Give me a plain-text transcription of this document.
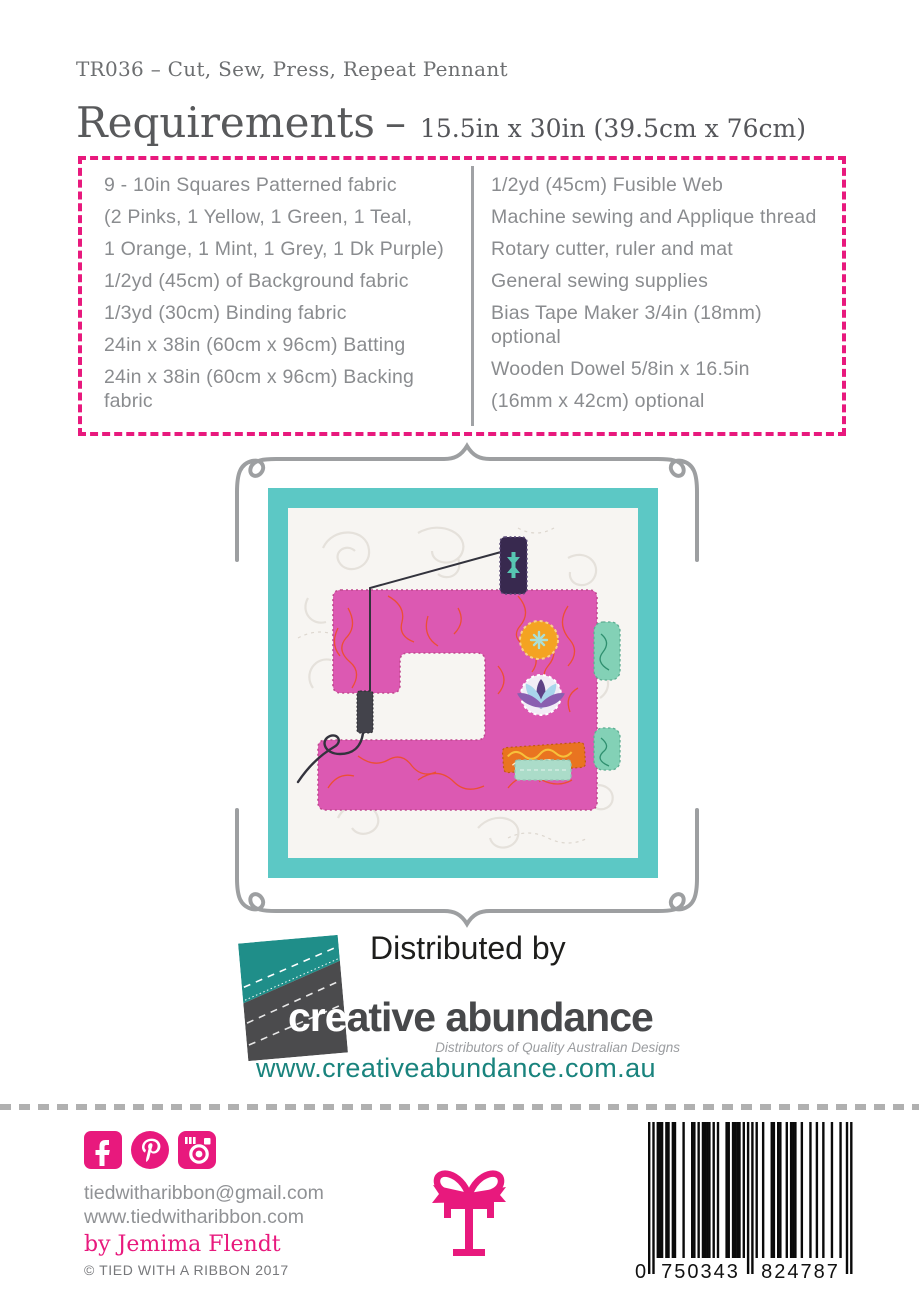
TR036 – Cut, Sew, Press, Repeat Pennant
Requirements – 15.5in x 30in (39.5cm x 76cm)
9 - 10in Squares Patterned fabric
(2 Pinks, 1 Yellow, 1 Green, 1 Teal,
1 Orange, 1 Mint, 1 Grey, 1 Dk Purple)
1/2yd (45cm) of Background fabric
1/3yd (30cm) Binding fabric
24in x 38in (60cm x 96cm) Batting
24in x 38in (60cm x 96cm) Backing
fabric
1/2yd (45cm) Fusible Web
Machine sewing and Applique thread
Rotary cutter, ruler and mat
General sewing supplies
Bias Tape Maker 3/4in (18mm)
optional
Wooden Dowel 5/8in x 16.5in
(16mm x 42cm) optional
Distributed by
creative abundance
Distributors of Quality Australian Designs
www.creativeabundance.com.au
tiedwitharibbon@gmail.com
www.tiedwitharibbon.com
by Jemima Flendt
© TIED WITH A RIBBON 2017	0 750343	824787
